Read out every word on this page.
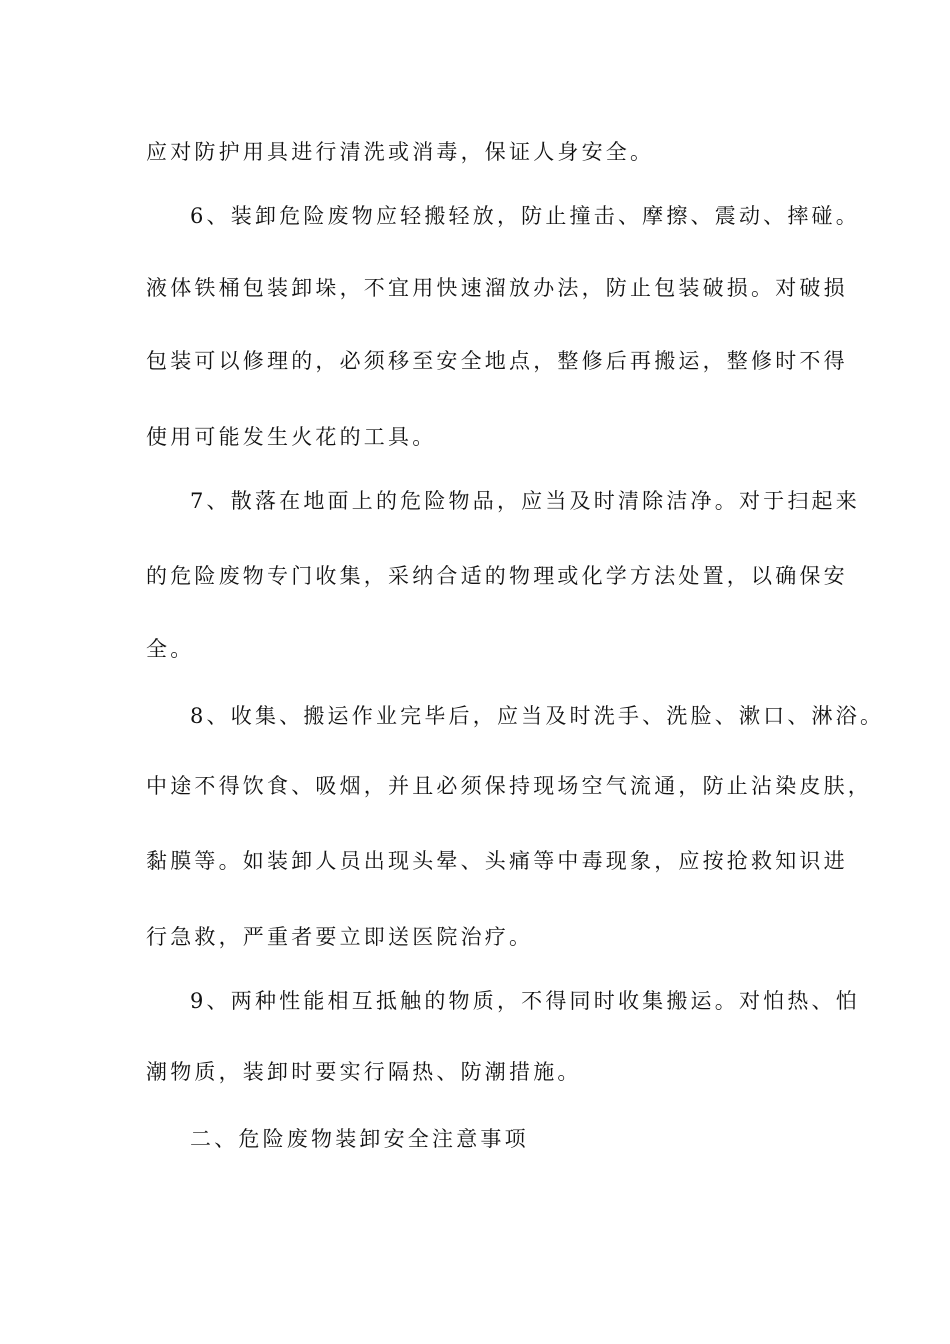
应对防护用具进行清洗或消毒，保证人身安全。
6、装卸危险废物应轻搬轻放，防止撞击、摩擦、震动、摔碰。
液体铁桶包装卸垛，不宜用快速溜放办法，防止包装破损。对破损
包装可以修理的，必须移至安全地点，整修后再搬运，整修时不得
使用可能发生火花的工具。
7、散落在地面上的危险物品，应当及时清除洁净。对于扫起来
的危险废物专门收集，采纳合适的物理或化学方法处置，以确保安
全。
8、收集、搬运作业完毕后，应当及时洗手、洗脸、漱口、淋浴。
中途不得饮食、吸烟，并且必须保持现场空气流通，防止沾染皮肤，
黏膜等。如装卸人员出现头晕、头痛等中毒现象，应按抢救知识进
行急救，严重者要立即送医院治疗。
9、两种性能相互抵触的物质，不得同时收集搬运。对怕热、怕
潮物质，装卸时要实行隔热、防潮措施。
二、危险废物装卸安全注意事项
